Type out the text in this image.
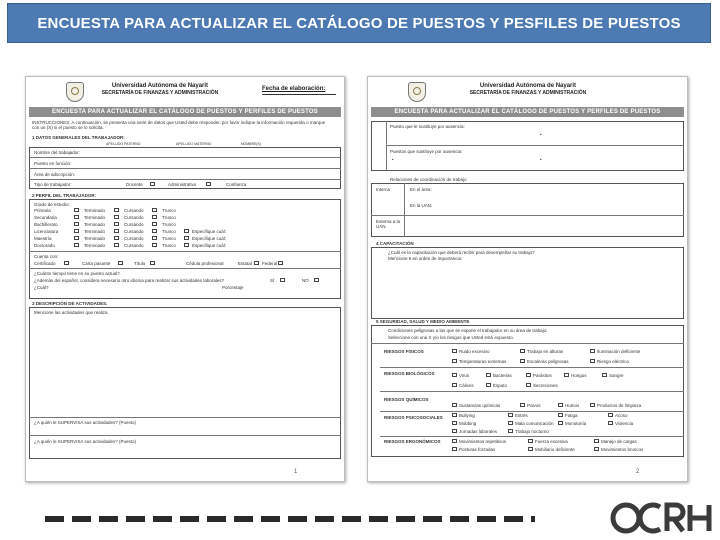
ENCUESTA PARA ACTUALIZAR EL CATÁLOGO DE PUESTOS Y PESFILES DE PUESTOS
Universidad Autónoma de Nayarit
SECRETARÍA DE FINANZAS Y ADMINISTRACIÓN
Fecha de elaboración:
ENCUESTA PARA ACTUALIZAR EL CATÁLOGO DE PUESTOS Y PERFILES DE PUESTOS
INSTRUCCIONES: A continuación, se presenta una serie de datos que Usted debe responder, por favor indique la información requerida o marque con un (X) si el puesto se lo solicita.
1 DATOS GENERALES DEL TRABAJADOR:
APELLIDO PATERNO	APELLIDO MATERNO	NOMBRE(S)
Nombre del trabajador:
Puesto en función:
Área de adscripción:
Tipo de trabajador:	Docente	Administrativo	Confianza
2 PERFIL DEL TRABAJADOR:
Grado de estudio:
Primaria	Terminado	Cursando	Trunco
Secundaria	Terminado	Cursando	Trunco
Bachillerato	Terminado	Cursando	Trunco
Licenciatura	Terminado	Cursando	Trunco	Especifique cuál:
Maestría	Terminado	Cursando	Trunco	Especifique cuál:
Doctorado	Terminado	Cursando	Trunco	Especifique cuál:
Cuenta con:
Certificado	Carta pasante	Título	Cédula profesional	Estatal Federal
¿Cuánto tiempo tiene en su puesto actual?
¿Además del español, considera necesario otro idioma para realizar sus actividades laborales?	SÍ	NO
¿Cuál?	Porcentaje
3 DESCRIPCIÓN DE ACTIVIDADES.
Mencione las actividades que realiza.
¿A quién le SUPERVISA sus actividades? (Puesto)
¿A quién le SUPERVISA sus actividades? (Puesto)
1
Universidad Autónoma de Nayarit
SECRETARÍA DE FINANZAS Y ADMINISTRACIÓN
ENCUESTA PARA ACTUALIZAR EL CATÁLOGO DE PUESTOS Y PERFILES DE PUESTOS
Puesto que le sustituye por ausencia:
•
Puestos que sustituye por ausencia:
•	•
Relaciones de coordinación de trabajo
Interna	En el área:
En la UAN:
Externa a la UAN
4 CAPACITACIÓN
¿Cuál es la capacitación que deberá recibir para desempeñar su trabajo?
Mencione 6 en orden de importancia:
5 SEGURIDAD, SALUD Y MEDIO AMBIENTE
Condiciones peligrosas a las que se expone el trabajador en su área de trabajo:
Seleccione con una X y/o los riesgos que Usted está expuesto.
RIESGOS FÍSICOS	Ruido excesivo	Trabajo en alturas	Iluminación deficiente
Temperaturas extremas	Escaleras peligrosas	Riesgo eléctrico
RIESGOS BIOLÓGICOS	Virus	Bacterias	Parásitos	Hongos	Sangre
Cálices	Esputo	Secreciones
RIESGOS QUÍMICOS
Sustancias químicas	Polvos	Humos	Productos de limpieza
RIESGOS PSICOSOCIALES	Bullying	Estrés	Fatiga	Acoso
Mobbing	Mala comunicación	Monotonía	Violencia
Jornadas laborales	Trabajo nocturno
RIESGOS ERGONÓMICOS	Movimientos repetitivos	Fuerza excesiva	Manejo de cargas
Posturas forzadas	Mobiliario deficiente	Movimientos bruscos
2
OCRH
